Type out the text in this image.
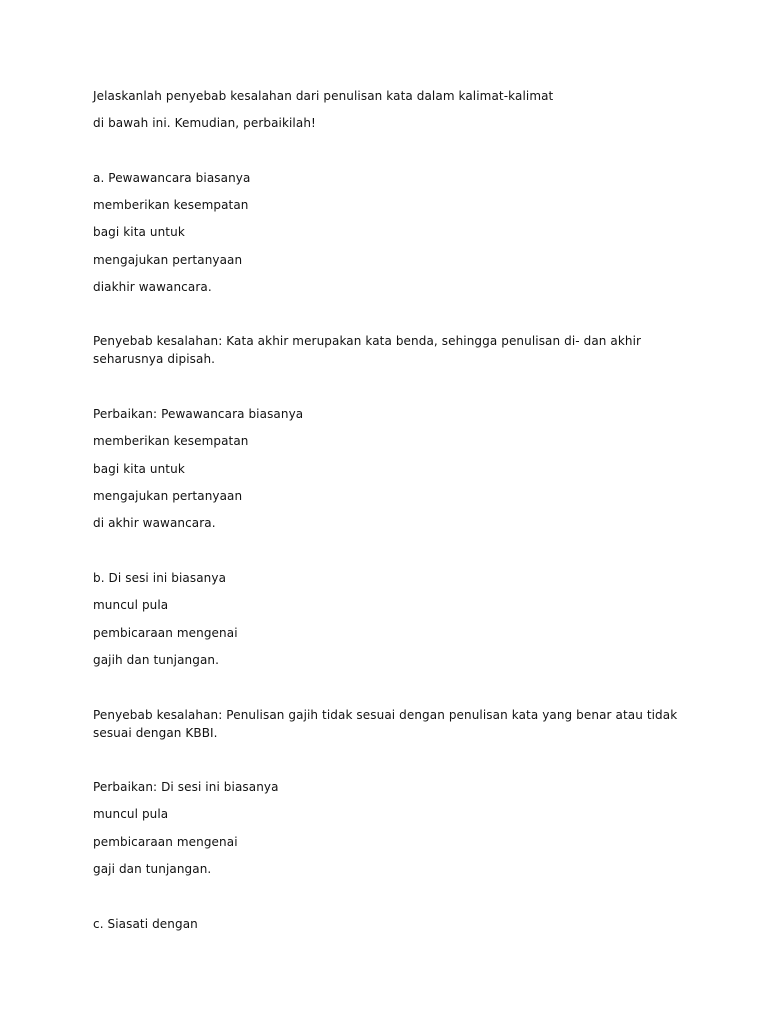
Jelaskanlah penyebab kesalahan dari penulisan kata dalam kalimat-kalimat

di bawah ini. Kemudian, perbaikilah!

a. Pewawancara biasanya

memberikan kesempatan

bagi kita untuk

mengajukan pertanyaan

diakhir wawancara.

Penyebab kesalahan: Kata akhir merupakan kata benda, sehingga penulisan di- dan akhir seharusnya dipisah.

Perbaikan: Pewawancara biasanya

memberikan kesempatan

bagi kita untuk

mengajukan pertanyaan

di akhir wawancara.

b. Di sesi ini biasanya

muncul pula

pembicaraan mengenai

gajih dan tunjangan.

Penyebab kesalahan: Penulisan gajih tidak sesuai dengan penulisan kata yang benar atau tidak sesuai dengan KBBI.

Perbaikan: Di sesi ini biasanya

muncul pula

pembicaraan mengenai

gaji dan tunjangan.

c. Siasati dengan
